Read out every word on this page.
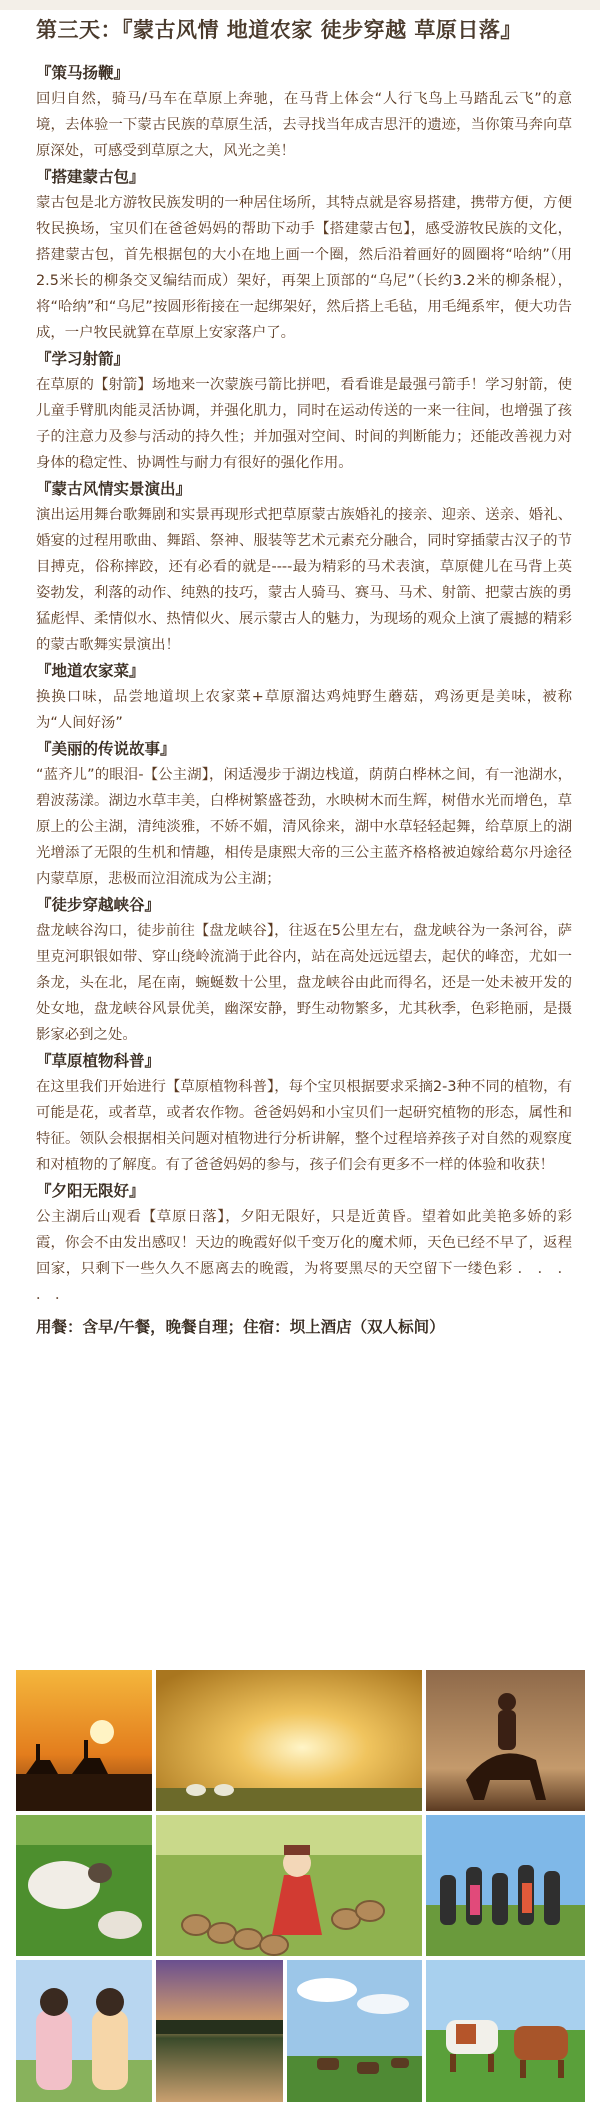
第三天：『蒙古风情 地道农家 徒步穿越 草原日落』

『策马扬鞭』

回归自然，骑马/马车在草原上奔驰，在马背上体会“人行飞鸟上马踏乱云飞”的意境，去体验一下蒙古民族的草原生活，去寻找当年成吉思汗的遗迹，当你策马奔向草原深处，可感受到草原之大，风光之美！

『搭建蒙古包』

蒙古包是北方游牧民族发明的一种居住场所，其特点就是容易搭建，携带方便，方便牧民换场，宝贝们在爸爸妈妈的帮助下动手【搭建蒙古包】，感受游牧民族的文化，搭建蒙古包，首先根据包的大小在地上画一个圈，然后沿着画好的圆圈将“哈纳”（用2.5米长的柳条交叉编结而成）架好，再架上顶部的“乌尼”（长约3.2米的柳条棍），将“哈纳”和“乌尼”按圆形衔接在一起绑架好，然后搭上毛毡，用毛绳系牢，便大功告成，一户牧民就算在草原上安家落户了。

『学习射箭』

在草原的【射箭】场地来一次蒙族弓箭比拼吧，看看谁是最强弓箭手！学习射箭，使儿童手臂肌肉能灵活协调，并强化肌力，同时在运动传送的一来一往间，也增强了孩子的注意力及参与活动的持久性；并加强对空间、时间的判断能力；还能改善视力对身体的稳定性、协调性与耐力有很好的强化作用。

『蒙古风情实景演出』

演出运用舞台歌舞剧和实景再现形式把草原蒙古族婚礼的接亲、迎亲、送亲、婚礼、婚宴的过程用歌曲、舞蹈、祭神、服装等艺术元素充分融合，同时穿插蒙古汉子的节目搏克，俗称摔跤，还有必看的就是----最为精彩的马术表演，草原健儿在马背上英姿勃发，利落的动作、纯熟的技巧，蒙古人骑马、赛马、马术、射箭、把蒙古族的勇猛彪悍、柔情似水、热情似火、展示蒙古人的魅力，为现场的观众上演了震撼的精彩的蒙古歌舞实景演出！

『地道农家菜』

换换口味，品尝地道坝上农家菜+草原溜达鸡炖野生蘑菇，鸡汤更是美味，被称为“人间好汤”

『美丽的传说故事』

“蓝齐儿”的眼泪-【公主湖】，闲适漫步于湖边栈道，荫荫白桦林之间，有一池湖水，碧波荡漾。湖边水草丰美，白桦树繁盛苍劲，水映树木而生辉，树借水光而增色，草原上的公主湖，清纯淡雅，不娇不媚，清风徐来，湖中水草轻轻起舞，给草原上的湖光增添了无限的生机和情趣，相传是康熙大帝的三公主蓝齐格格被迫嫁给葛尔丹途径内蒙草原，悲极而泣泪流成为公主湖；

『徒步穿越峡谷』

盘龙峡谷沟口，徒步前往【盘龙峡谷】，往返在5公里左右，盘龙峡谷为一条河谷，萨里克河职银如带、穿山绕岭流淌于此谷内，站在高处远远望去，起伏的峰峦，尤如一条龙，头在北，尾在南，蜿蜒数十公里，盘龙峡谷由此而得名，还是一处未被开发的处女地，盘龙峡谷风景优美，幽深安静，野生动物繁多，尤其秋季，色彩艳丽，是摄影家必到之处。

『草原植物科普』

在这里我们开始进行【草原植物科普】，每个宝贝根据要求采摘2-3种不同的植物，有可能是花，或者草，或者农作物。爸爸妈妈和小宝贝们一起研究植物的形态，属性和特征。领队会根据相关问题对植物进行分析讲解，整个过程培养孩子对自然的观察度和对植物的了解度。有了爸爸妈妈的参与，孩子们会有更多不一样的体验和收获！

『夕阳无限好』

公主湖后山观看【草原日落】，夕阳无限好，只是近黄昏。望着如此美艳多娇的彩霞，你会不由发出感叹！天边的晚霞好似千变万化的魔术师，天色已经不早了，返程回家，只剩下一些久久不愿离去的晚霞，为将要黑尽的天空留下一缕色彩 ． ． ． ． ．

用餐：含早/午餐，晚餐自理；住宿：坝上酒店（双人标间）
